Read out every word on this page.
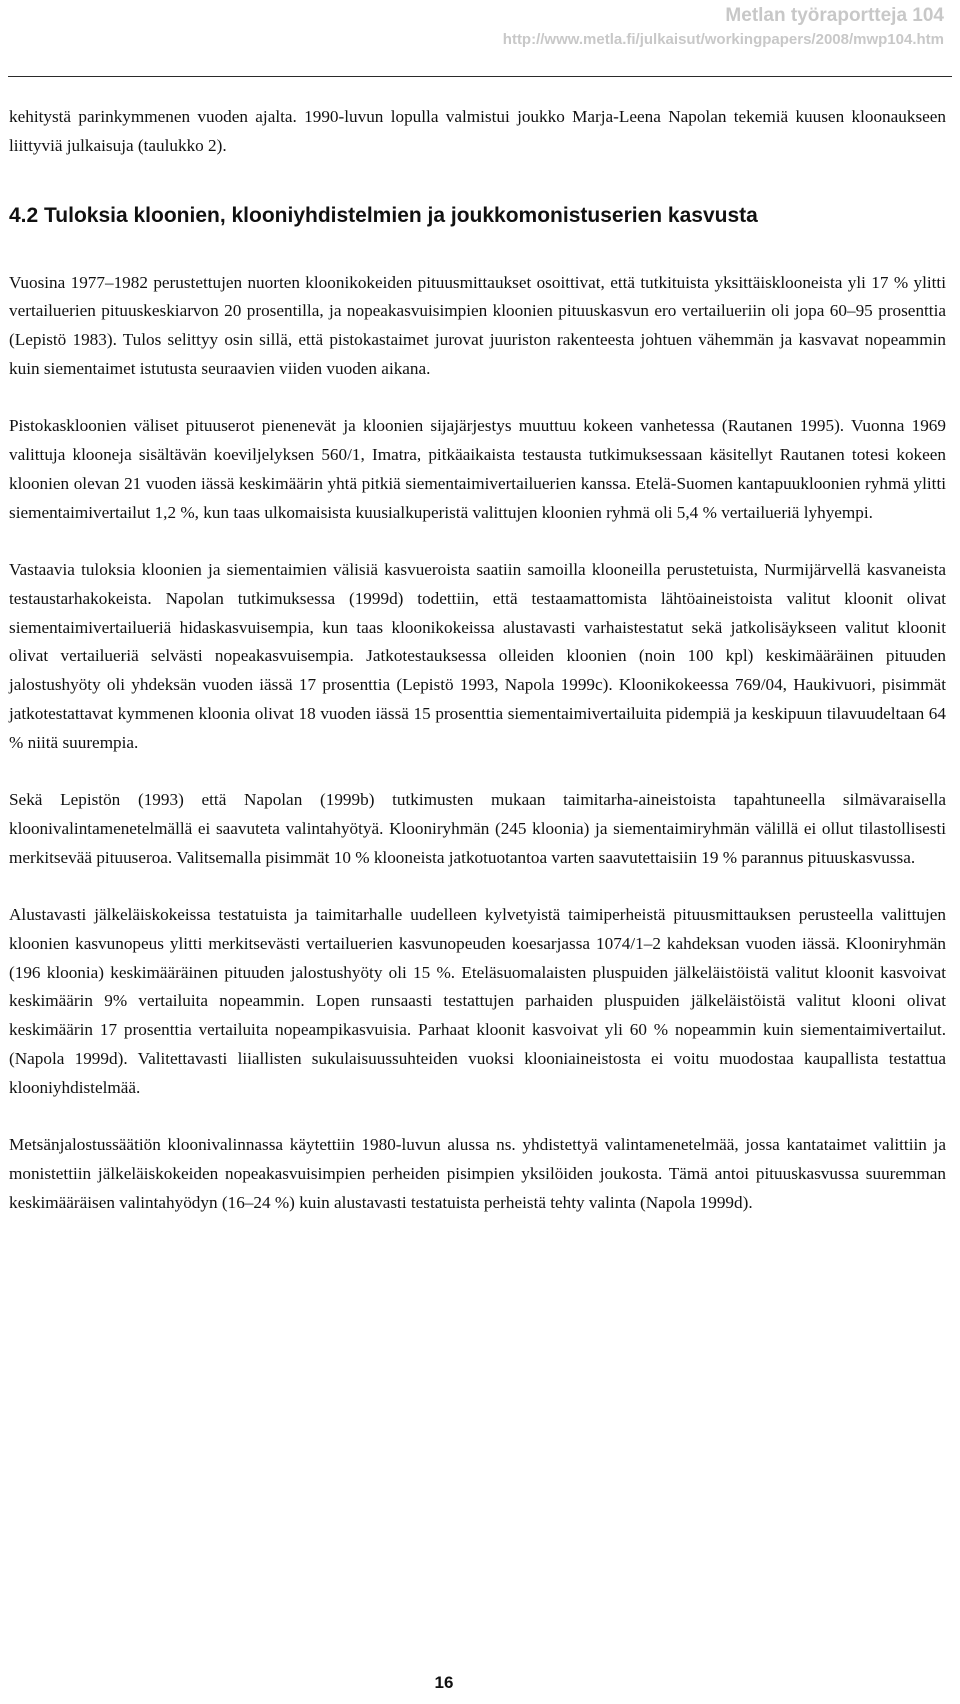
Metlan työraportteja 104
http://www.metla.fi/julkaisut/workingpapers/2008/mwp104.htm

kehitystä parinkymmenen vuoden ajalta. 1990-luvun lopulla valmistui joukko Marja-Leena Napolan tekemiä kuusen kloonaukseen liittyviä julkaisuja (taulukko 2).

4.2 Tuloksia kloonien, klooniyhdistelmien ja joukkomonistuserien kasvusta

Vuosina 1977–1982 perustettujen nuorten kloonikokeiden pituusmittaukset osoittivat, että tutkituista yksittäisklooneista yli 17 % ylitti vertailuerien pituuskeskiarvon 20 prosentilla, ja nopeakasvuisimpien kloonien pituuskasvun ero vertailueriin oli jopa 60–95 prosenttia (Lepistö 1983). Tulos selittyy osin sillä, että pistokastaimet jurovat juuriston rakenteesta johtuen vähemmän ja kasvavat nopeammin kuin siementaimet istutusta seuraavien viiden vuoden aikana.

Pistokaskloonien väliset pituuserot pienenevät ja kloonien sijajärjestys muuttuu kokeen vanhetessa (Rautanen 1995). Vuonna 1969 valittuja klooneja sisältävän koeviljelyksen 560/1, Imatra, pitkäaikaista testausta tutkimuksessaan käsitellyt Rautanen totesi kokeen kloonien olevan 21 vuoden iässä keskimäärin yhtä pitkiä siementaimivertailuerien kanssa. Etelä-Suomen kantapuukloonien ryhmä ylitti siementaimivertailut 1,2 %, kun taas ulkomaisista kuusialkuperistä valittujen kloonien ryhmä oli 5,4 % vertailueriä lyhyempi.

Vastaavia tuloksia kloonien ja siementaimien välisiä kasvueroista saatiin samoilla klooneilla perustetuista, Nurmijärvellä kasvaneista testaustarhakokeista. Napolan tutkimuksessa (1999d) todettiin, että testaamattomista lähtöaineistoista valitut kloonit olivat siementaimivertailueriä hidaskasvuisempia, kun taas kloonikokeissa alustavasti varhaistestatut sekä jatkolisäykseen valitut kloonit olivat vertailueriä selvästi nopeakasvuisempia. Jatkotestauksessa olleiden kloonien (noin 100 kpl) keskimääräinen pituuden jalostushyöty oli yhdeksän vuoden iässä 17 prosenttia (Lepistö 1993, Napola 1999c). Kloonikokeessa 769/04, Haukivuori, pisimmät jatkotestattavat kymmenen kloonia olivat 18 vuoden iässä 15 prosenttia siementaimivertailuita pidempiä ja keskipuun tilavuudeltaan 64 % niitä suurempia.

Sekä Lepistön (1993) että Napolan (1999b) tutkimusten mukaan taimitarha-aineistoista tapahtuneella silmävaraisella kloonivalintamenetelmällä ei saavuteta valintahyötyä. Klooniryhmän (245 kloonia) ja siementaimiryhmän välillä ei ollut tilastollisesti merkitsevää pituuseroa. Valitsemalla pisimmät 10 % klooneista jatkotuotantoa varten saavutettaisiin 19 % parannus pituuskasvussa.

Alustavasti jälkeläiskokeissa testatuista ja taimitarhalle uudelleen kylvetyistä taimiperheistä pituusmittauksen perusteella valittujen kloonien kasvunopeus ylitti merkitsevästi vertailuerien kasvunopeuden koesarjassa 1074/1–2 kahdeksan vuoden iässä. Klooniryhmän (196 kloonia) keskimääräinen pituuden jalostushyöty oli 15 %. Eteläsuomalaisten pluspuiden jälkeläistöistä valitut kloonit kasvoivat keskimäärin 9% vertailuita nopeammin. Lopen runsaasti testattujen parhaiden pluspuiden jälkeläistöistä valitut klooni olivat keskimäärin 17 prosenttia vertailuita nopeampikasvuisia. Parhaat kloonit kasvoivat yli 60 % nopeammin kuin siementaimivertailut. (Napola 1999d). Valitettavasti liiallisten sukulaisuussuhteiden vuoksi klooniaineistosta ei voitu muodostaa kaupallista testattua klooniyhdistelmää.

Metsänjalostussäätiön kloonivalinnassa käytettiin 1980-luvun alussa ns. yhdistettyä valintamenetelmää, jossa kantataimet valittiin ja monistettiin jälkeläiskokeiden nopeakasvuisimpien perheiden pisimpien yksilöiden joukosta. Tämä antoi pituuskasvussa suuremman keskimääräisen valintahyödyn (16–24 %) kuin alustavasti testatuista perheistä tehty valinta (Napola 1999d).

16
